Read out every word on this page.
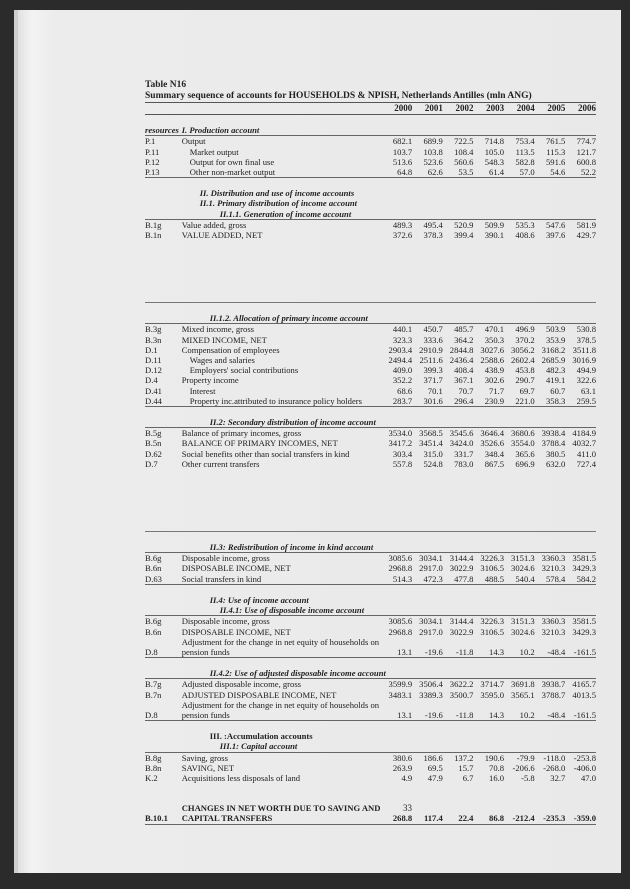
Table N16
Summary sequence of accounts for HOUSEHOLDS & NPISH, Netherlands Antilles (mln ANG)
		2000	2001	2002	2003	2004	2005	2006

resources	I. Production account							
P.1	Output	682.1	689.9	722.5	714.8	753.4	761.5	774.7
P.11	Market output	103.7	103.8	108.4	105.0	113.5	115.3	121.7
P.12	Output for own final use	513.6	523.6	560.6	548.3	582.8	591.6	600.8
P.13	Other non-market output	64.8	62.6	53.5	61.4	57.0	54.6	52.2

	II. Distribution and use of income accounts							
	II.1. Primary distribution of income account							
	II.1.1. Generation of income account							
B.1g	Value added, gross	489.3	495.4	520.9	509.9	535.3	547.6	581.9
B.1n	VALUE ADDED, NET	372.6	378.3	399.4	390.1	408.6	397.6	429.7

	II.1.2. Allocation of primary income account							
B.3g	Mixed income, gross	440.1	450.7	485.7	470.1	496.9	503.9	530.8
B.3n	MIXED INCOME, NET	323.3	333.6	364.2	350.3	370.2	353.9	378.5
D.1	Compensation of employees	2903.4	2910.9	2844.8	3027.6	3056.2	3168.2	3511.8
D.11	Wages and salaries	2494.4	2511.6	2436.4	2588.6	2602.4	2685.9	3016.9
D.12	Employers' social contributions	409.0	399.3	408.4	438.9	453.8	482.3	494.9
D.4	Property income	352.2	371.7	367.1	302.6	290.7	419.1	322.6
D.41	Interest	68.6	70.1	70.7	71.7	69.7	60.7	63.1
D.44	Property inc.attributed to insurance policy holders	283.7	301.6	296.4	230.9	221.0	358.3	259.5

	II.2: Secondary distribution of income account							
B.5g	Balance of primary incomes, gross	3534.0	3568.5	3545.6	3646.4	3680.6	3938.4	4184.9
B.5n	BALANCE OF PRIMARY INCOMES, NET	3417.2	3451.4	3424.0	3526.6	3554.0	3788.4	4032.7
D.62	Social benefits other than social transfers in kind	303.4	315.0	331.7	348.4	365.6	380.5	411.0
D.7	Other current transfers	557.8	524.8	783.0	867.5	696.9	632.0	727.4

	II.3: Redistribution of income in kind account							
B.6g	Disposable income, gross	3085.6	3034.1	3144.4	3226.3	3151.3	3360.3	3581.5
B.6n	DISPOSABLE INCOME, NET	2968.8	2917.0	3022.9	3106.5	3024.6	3210.3	3429.3
D.63	Social transfers in kind	514.3	472.3	477.8	488.5	540.4	578.4	584.2

	II.4: Use of income account							
	II.4.1: Use of disposable income account							
B.6g	Disposable income, gross	3085.6	3034.1	3144.4	3226.3	3151.3	3360.3	3581.5
B.6n	DISPOSABLE INCOME, NET	2968.8	2917.0	3022.9	3106.5	3024.6	3210.3	3429.3
	Adjustment for the change in net equity of households on							
D.8	pension funds	13.1	-19.6	-11.8	14.3	10.2	-48.4	-161.5

	II.4.2: Use of adjusted disposable income account							
B.7g	Adjusted disposable income, gross	3599.9	3506.4	3622.2	3714.7	3691.8	3938.7	4165.7
B.7n	ADJUSTED DISPOSABLE INCOME, NET	3483.1	3389.3	3500.7	3595.0	3565.1	3788.7	4013.5
	Adjustment for the change in net equity of households on							
D.8	pension funds	13.1	-19.6	-11.8	14.3	10.2	-48.4	-161.5

	III. :Accumulation accounts							
	III.1: Capital account							
B.8g	Saving, gross	380.6	186.6	137.2	190.6	-79.9	-118.0	-253.8
B.8n	SAVING, NET	263.9	69.5	15.7	70.8	-206.6	-268.0	-406.0
K.2	Acquisitions less disposals of land	4.9	47.9	6.7	16.0	-5.8	32.7	47.0

	CHANGES IN NET WORTH DUE TO SAVING AND							
B.10.1	CAPITAL TRANSFERS	268.8	117.4	22.4	86.8	-212.4	-235.3	-359.0
33
